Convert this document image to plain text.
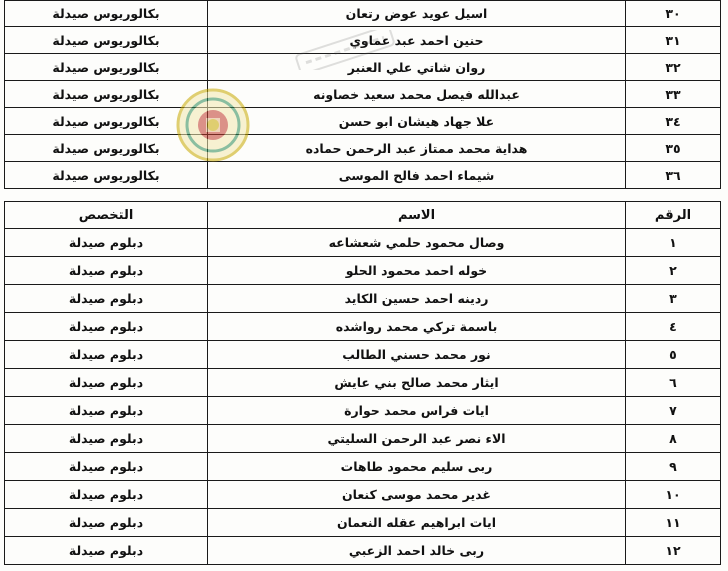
٣٠	اسيل عويد عوض رتعان	بكالوريوس صيدلة
٣١	حنين احمد عبد عماوي	بكالوريوس صيدلة
٣٢	روان شاتي علي العنبر	بكالوريوس صيدلة
٣٣	عبدالله فيصل محمد سعيد خصاونه	بكالوريوس صيدلة
٣٤	علا جهاد هيشان ابو حسن	بكالوريوس صيدلة
٣٥	هداية محمد ممتاز عبد الرحمن حماده	بكالوريوس صيدلة
٣٦	شيماء احمد فالح الموسى	بكالوريوس صيدلة
الرقم	الاسم	التخصص
١	وصال محمود حلمي شعشاعه	دبلوم صيدلة
٢	خوله احمد محمود الحلو	دبلوم صيدلة
٣	ردينه احمد حسين الكايد	دبلوم صيدلة
٤	باسمة تركي محمد رواشده	دبلوم صيدلة
٥	نور محمد حسني الطالب	دبلوم صيدلة
٦	ايثار محمد صالح بني عايش	دبلوم صيدلة
٧	ايات فراس محمد حوارة	دبلوم صيدلة
٨	الاء نصر عبد الرحمن السليتي	دبلوم صيدلة
٩	ربى سليم محمود طاهات	دبلوم صيدلة
١٠	غدير محمد موسى كنعان	دبلوم صيدلة
١١	ايات ابراهيم عقله النعمان	دبلوم صيدلة
١٢	ربى خالد احمد الزعبي	دبلوم صيدلة
